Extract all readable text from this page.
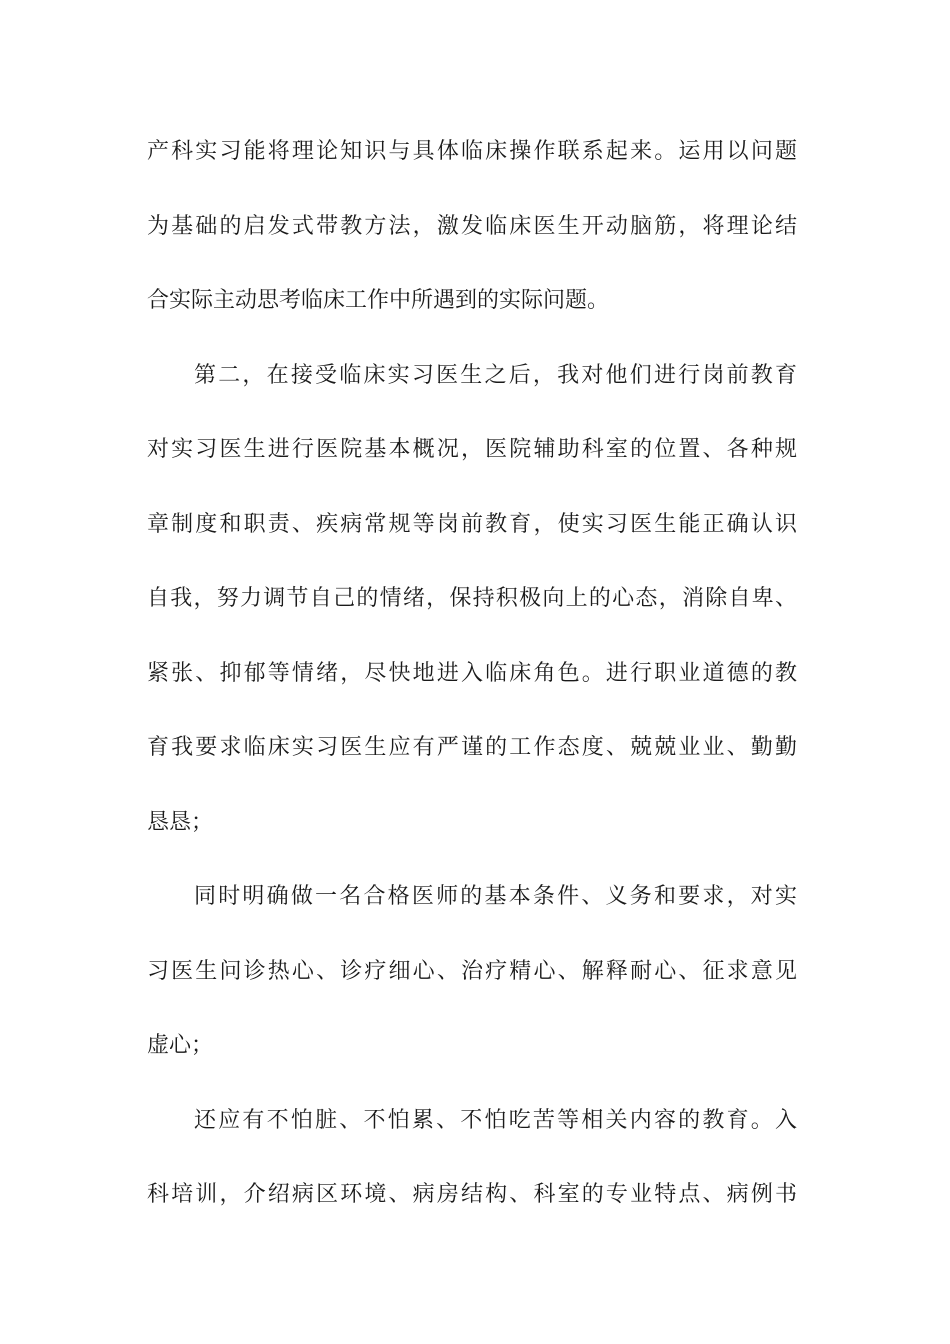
产科实习能将理论知识与具体临床操作联系起来。运用以问题
为基础的启发式带教方法，激发临床医生开动脑筋，将理论结
合实际主动思考临床工作中所遇到的实际问题。
第二，在接受临床实习医生之后，我对他们进行岗前教育
对实习医生进行医院基本概况，医院辅助科室的位置、各种规
章制度和职责、疾病常规等岗前教育，使实习医生能正确认识
自我，努力调节自己的情绪，保持积极向上的心态，消除自卑、
紧张、抑郁等情绪，尽快地进入临床角色。进行职业道德的教
育我要求临床实习医生应有严谨的工作态度、兢兢业业、勤勤
恳恳；
同时明确做一名合格医师的基本条件、义务和要求，对实
习医生问诊热心、诊疗细心、治疗精心、解释耐心、征求意见
虚心；
还应有不怕脏、不怕累、不怕吃苦等相关内容的教育。入
科培训，介绍病区环境、病房结构、科室的专业特点、病例书
